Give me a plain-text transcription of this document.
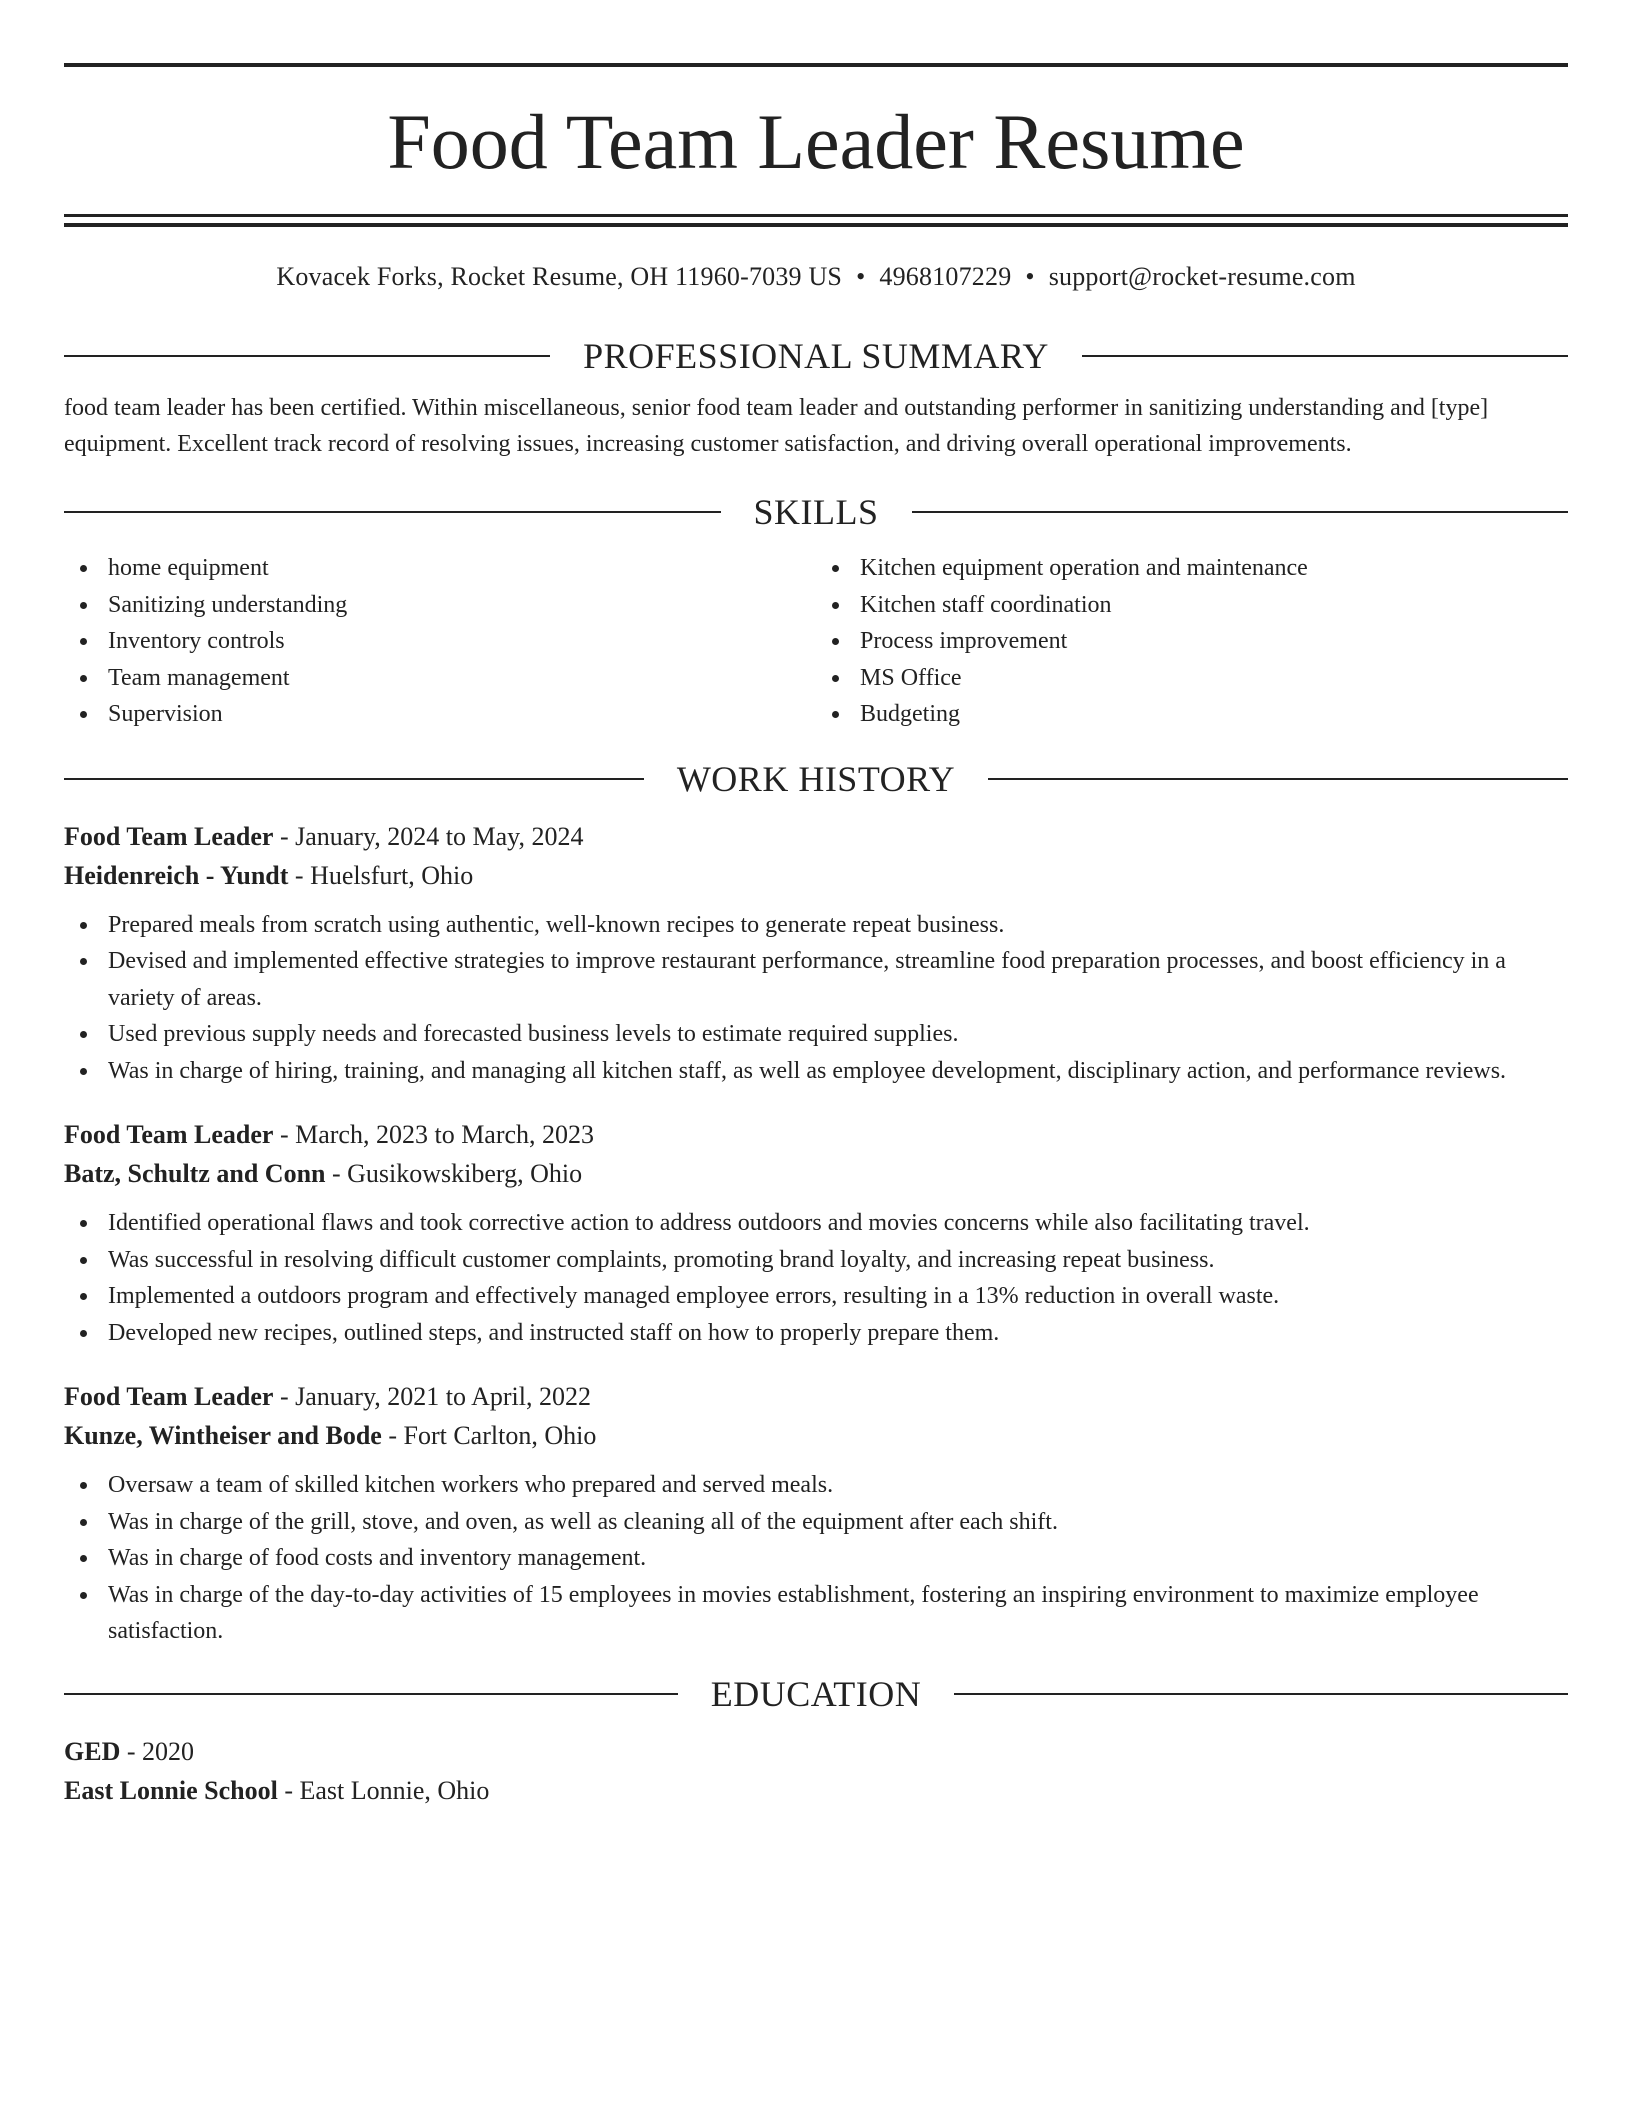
Food Team Leader Resume
Kovacek Forks, Rocket Resume, OH 11960-7039 US • 4968107229 • support@rocket-resume.com
PROFESSIONAL SUMMARY

food team leader has been certified. Within miscellaneous, senior food team leader and outstanding performer in sanitizing understanding and [type] equipment. Excellent track record of resolving issues, increasing customer satisfaction, and driving overall operational improvements.

SKILLS
home equipment
Sanitizing understanding
Inventory controls
Team management
Supervision
Kitchen equipment operation and maintenance
Kitchen staff coordination
Process improvement
MS Office
Budgeting
WORK HISTORY
Food Team Leader - January, 2024 to May, 2024
Heidenreich - Yundt - Huelsfurt, Ohio
Prepared meals from scratch using authentic, well-known recipes to generate repeat business.
Devised and implemented effective strategies to improve restaurant performance, streamline food preparation processes, and boost efficiency in a variety of areas.
Used previous supply needs and forecasted business levels to estimate required supplies.
Was in charge of hiring, training, and managing all kitchen staff, as well as employee development, disciplinary action, and performance reviews.
Food Team Leader - March, 2023 to March, 2023
Batz, Schultz and Conn - Gusikowskiberg, Ohio
Identified operational flaws and took corrective action to address outdoors and movies concerns while also facilitating travel.
Was successful in resolving difficult customer complaints, promoting brand loyalty, and increasing repeat business.
Implemented a outdoors program and effectively managed employee errors, resulting in a 13% reduction in overall waste.
Developed new recipes, outlined steps, and instructed staff on how to properly prepare them.
Food Team Leader - January, 2021 to April, 2022
Kunze, Wintheiser and Bode - Fort Carlton, Ohio
Oversaw a team of skilled kitchen workers who prepared and served meals.
Was in charge of the grill, stove, and oven, as well as cleaning all of the equipment after each shift.
Was in charge of food costs and inventory management.
Was in charge of the day-to-day activities of 15 employees in movies establishment, fostering an inspiring environment to maximize employee satisfaction.
EDUCATION
GED - 2020
East Lonnie School - East Lonnie, Ohio
